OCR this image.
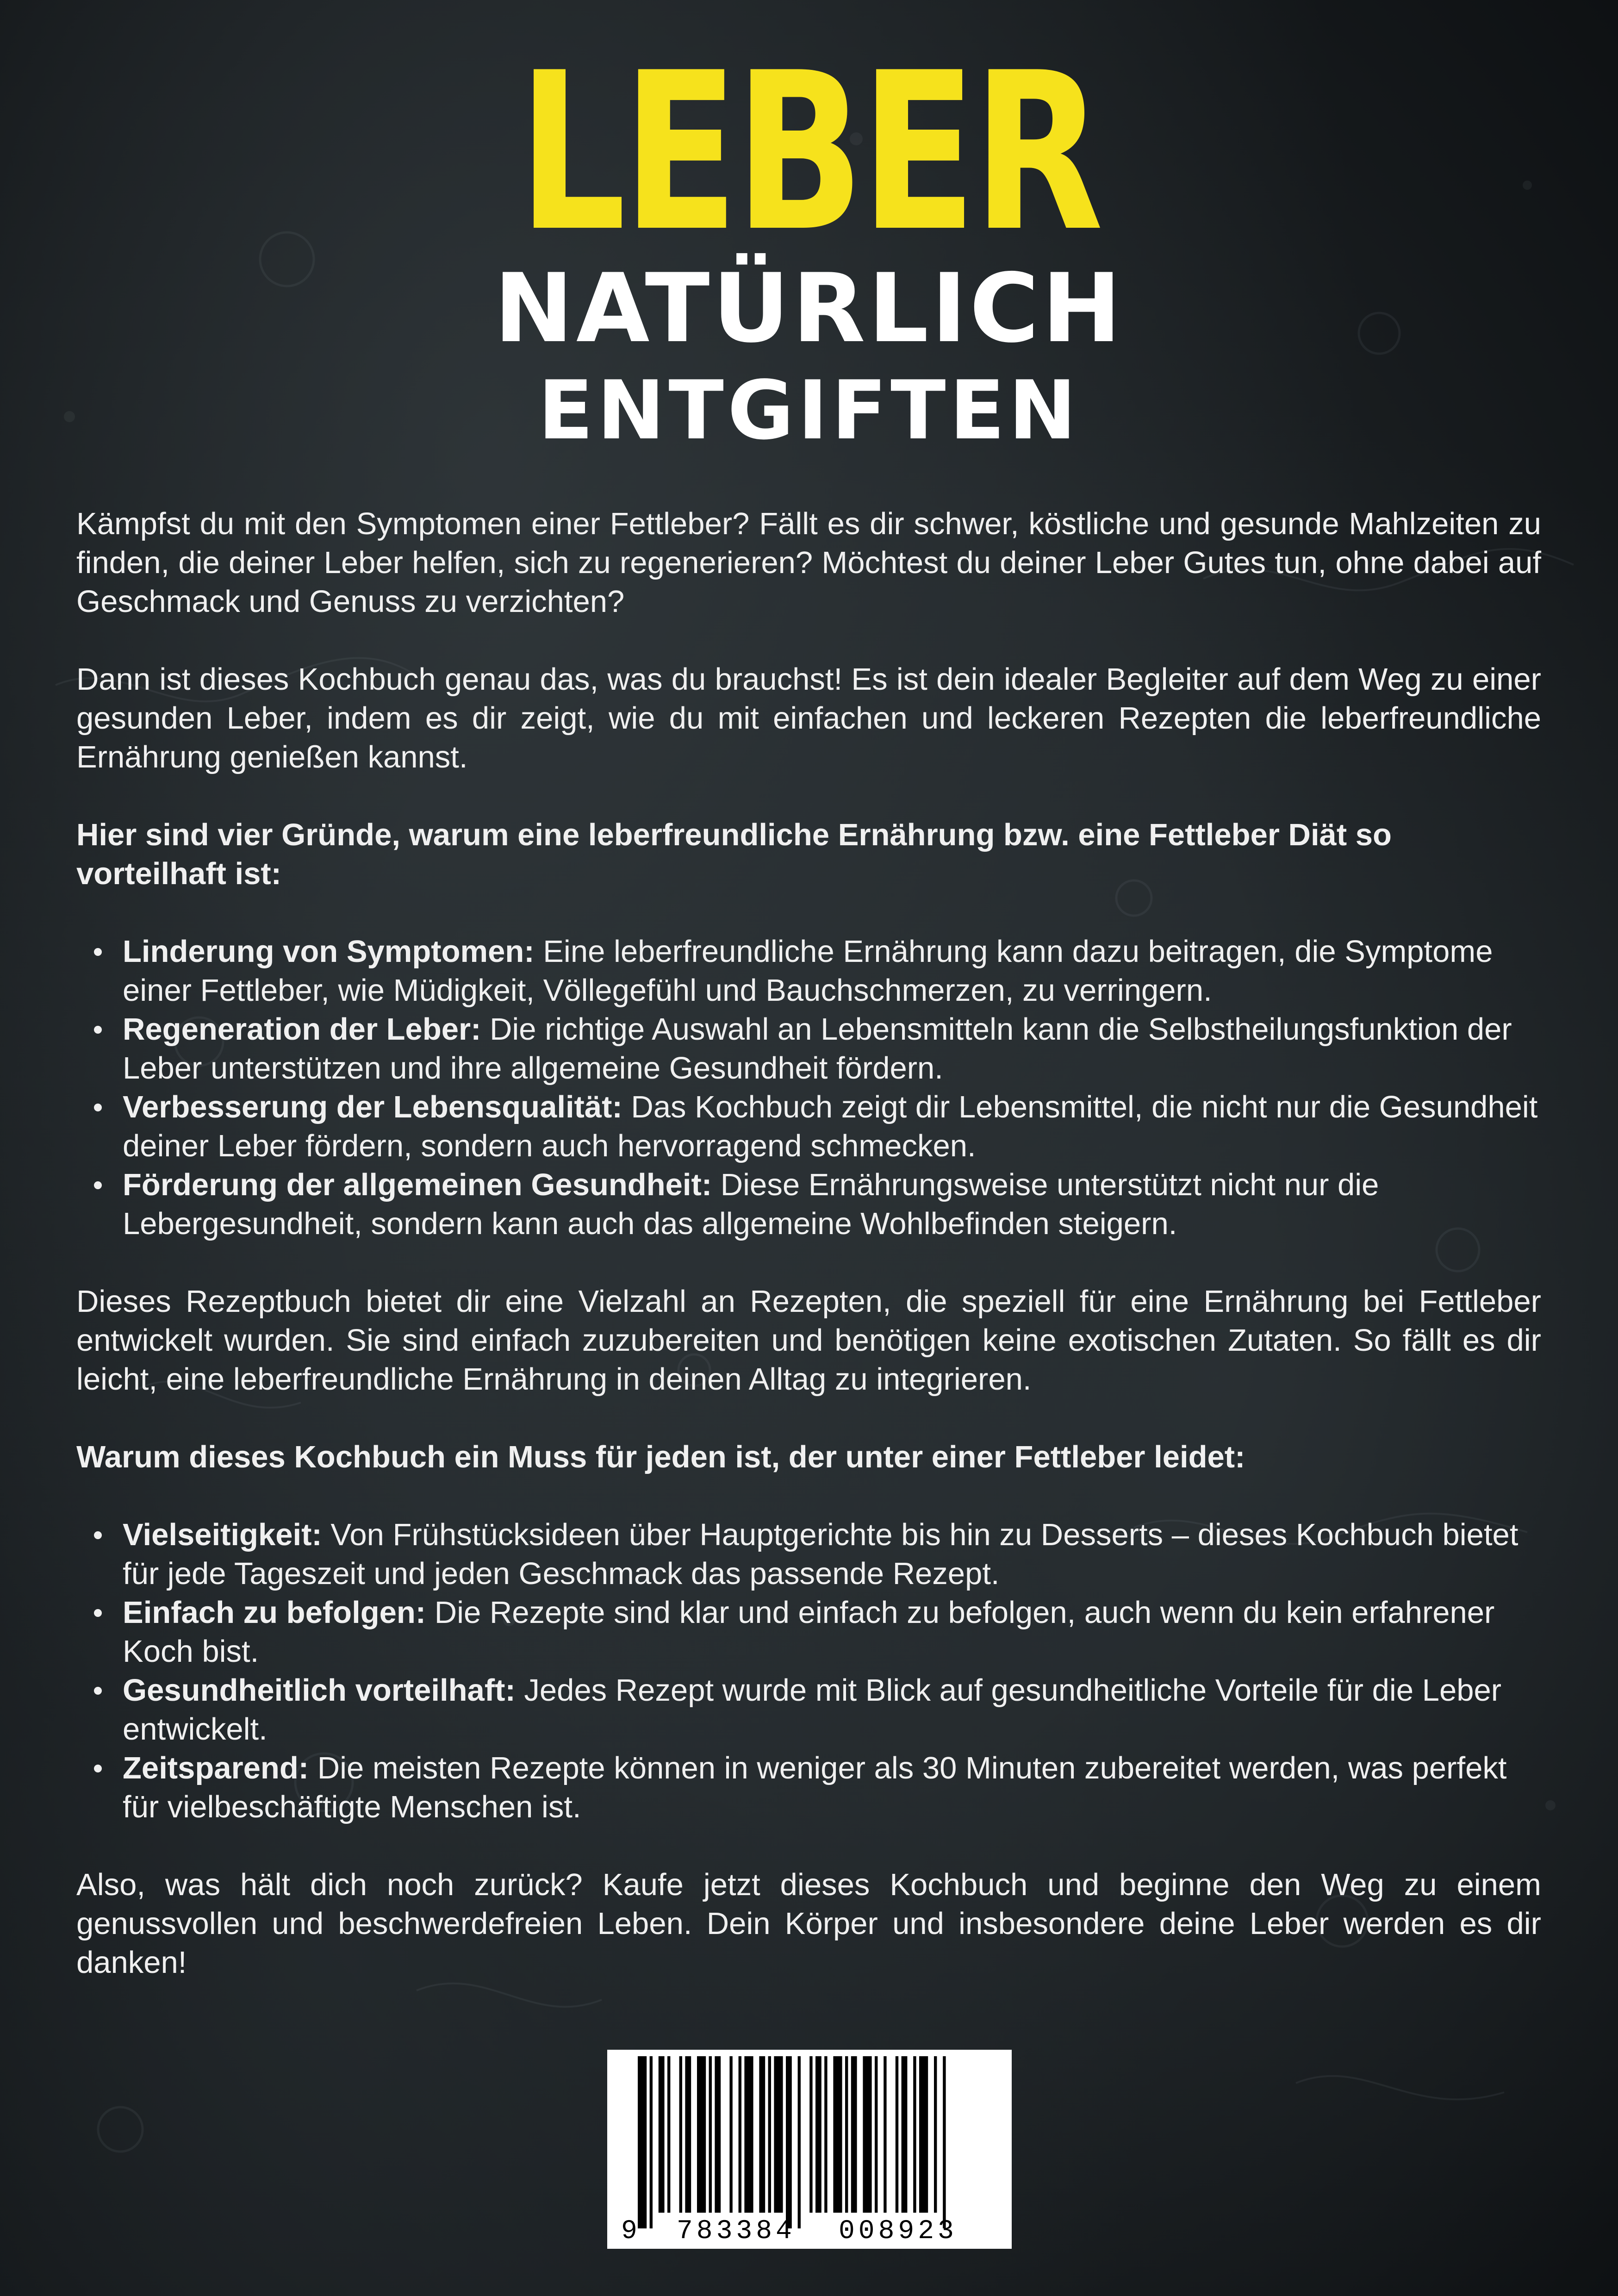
LEBER
NATÜRLICH
ENTGIFTEN

Kämpfst du mit den Symptomen einer Fettleber? Fällt es dir schwer, köstliche und gesunde Mahlzeiten zu finden, die deiner Leber helfen, sich zu regenerieren? Möchtest du deiner Leber Gutes tun, ohne dabei auf Geschmack und Genuss zu verzichten?

Dann ist dieses Kochbuch genau das, was du brauchst! Es ist dein idealer Begleiter auf dem Weg zu einer gesunden Leber, indem es dir zeigt, wie du mit einfachen und leckeren Rezepten die leberfreundliche Ernährung genießen kannst.

Hier sind vier Gründe, warum eine leberfreundliche Ernährung bzw. eine Fettleber Diät so vorteilhaft ist:

Linderung von Symptomen: Eine leberfreundliche Ernährung kann dazu beitragen, die Symptome einer Fettleber, wie Müdigkeit, Völlegefühl und Bauchschmerzen, zu verringern.
Regeneration der Leber: Die richtige Auswahl an Lebensmitteln kann die Selbstheilungsfunktion der Leber unterstützen und ihre allgemeine Gesundheit fördern.
Verbesserung der Lebensqualität: Das Kochbuch zeigt dir Lebensmittel, die nicht nur die Gesundheit deiner Leber fördern, sondern auch hervorragend schmecken.
Förderung der allgemeinen Gesundheit: Diese Ernährungsweise unterstützt nicht nur die Lebergesundheit, sondern kann auch das allgemeine Wohlbefinden steigern.

Dieses Rezeptbuch bietet dir eine Vielzahl an Rezepten, die speziell für eine Ernährung bei Fettleber entwickelt wurden. Sie sind einfach zuzubereiten und benötigen keine exotischen Zutaten. So fällt es dir leicht, eine leberfreundliche Ernährung in deinen Alltag zu integrieren.

Warum dieses Kochbuch ein Muss für jeden ist, der unter einer Fettleber leidet:

Vielseitigkeit: Von Frühstücksideen über Hauptgerichte bis hin zu Desserts – dieses Kochbuch bietet für jede Tageszeit und jeden Geschmack das passende Rezept.
Einfach zu befolgen: Die Rezepte sind klar und einfach zu befolgen, auch wenn du kein erfahrener Koch bist.
Gesundheitlich vorteilhaft: Jedes Rezept wurde mit Blick auf gesundheitliche Vorteile für die Leber entwickelt.
Zeitsparend: Die meisten Rezepte können in weniger als 30 Minuten zubereitet werden, was perfekt für vielbeschäftigte Menschen ist.

Also, was hält dich noch zurück? Kaufe jetzt dieses Kochbuch und beginne den Weg zu einem genussvollen und beschwerdefreien Leben. Dein Körper und insbesondere deine Leber werden es dir danken!

9 783384 008923
